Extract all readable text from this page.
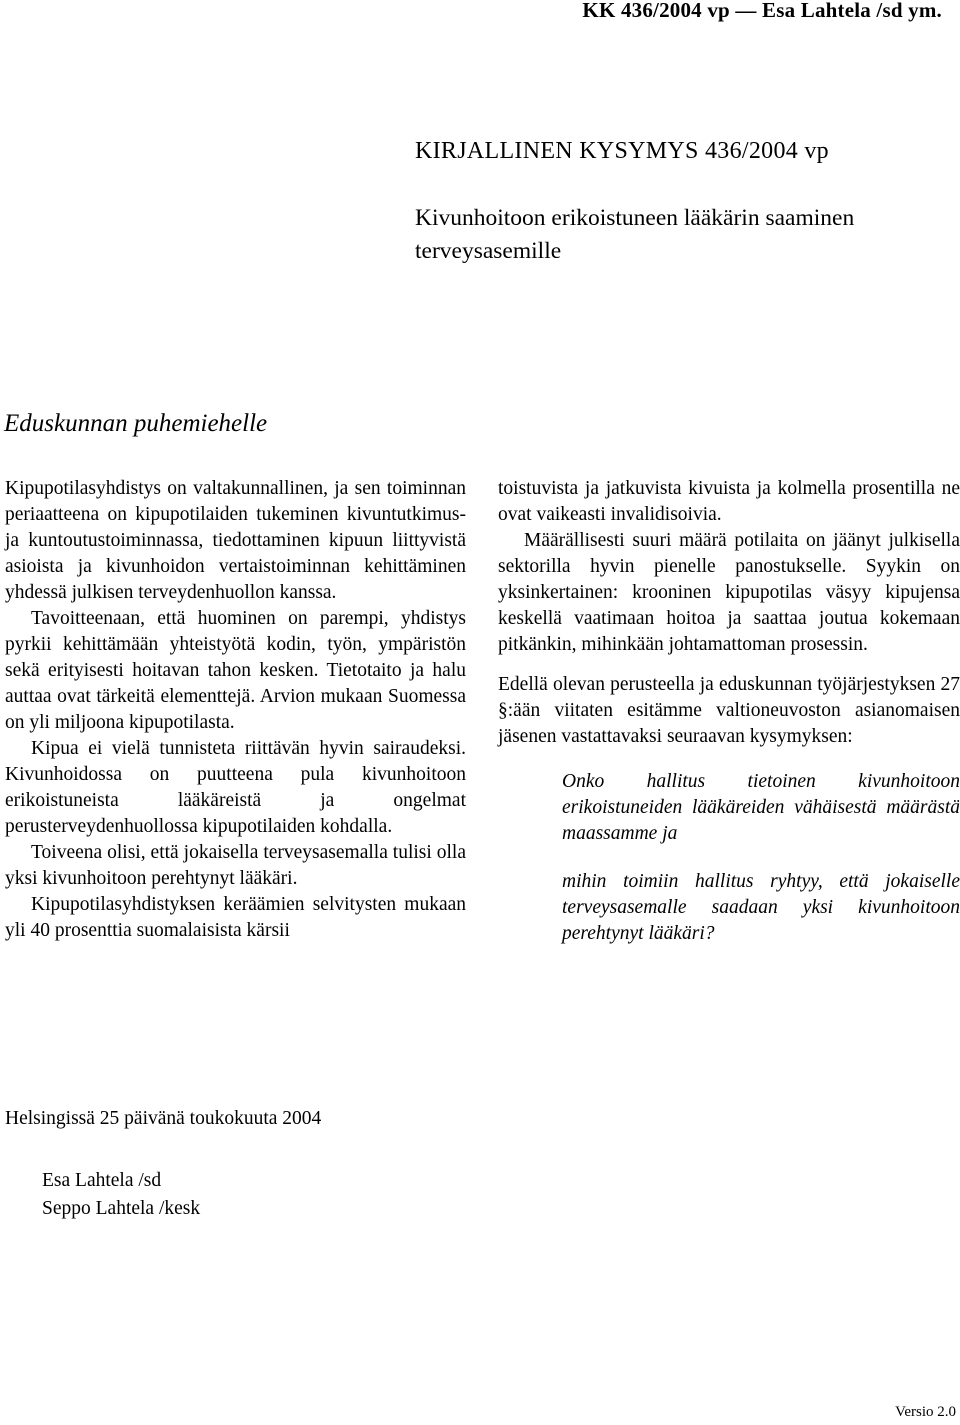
KK 436/2004 vp — Esa Lahtela /sd ym.
KIRJALLINEN KYSYMYS 436/2004 vp
Kivunhoitoon erikoistuneen lääkärin saaminen terveysasemille
Eduskunnan puhemiehelle

Kipupotilasyhdistys on valtakunnallinen, ja sen toiminnan periaatteena on kipupotilaiden tukeminen kivuntutkimus- ja kuntoutustoiminnassa, tiedottaminen kipuun liittyvistä asioista ja kivunhoidon vertaistoiminnan kehittäminen yhdessä julkisen terveydenhuollon kanssa.

Tavoitteenaan, että huominen on parempi, yhdistys pyrkii kehittämään yhteistyötä kodin, työn, ympäristön sekä erityisesti hoitavan tahon kesken. Tietotaito ja halu auttaa ovat tärkeitä elementtejä. Arvion mukaan Suomessa on yli miljoona kipupotilasta.

Kipua ei vielä tunnisteta riittävän hyvin sairaudeksi. Kivunhoidossa on puutteena pula kivunhoitoon erikoistuneista lääkäreistä ja ongelmat perusterveydenhuollossa kipupotilaiden kohdalla.

Toiveena olisi, että jokaisella terveysasemalla tulisi olla yksi kivunhoitoon perehtynyt lääkäri.

Kipupotilasyhdistyksen keräämien selvitysten mukaan yli 40 prosenttia suomalaisista kärsii

toistuvista ja jatkuvista kivuista ja kolmella prosentilla ne ovat vaikeasti invalidisoivia.

Määrällisesti suuri määrä potilaita on jäänyt julkisella sektorilla hyvin pienelle panostukselle. Syykin on yksinkertainen: krooninen kipupotilas väsyy kipujensa keskellä vaatimaan hoitoa ja saattaa joutua kokemaan pitkänkin, mihinkään johtamattoman prosessin.

Edellä olevan perusteella ja eduskunnan työjärjestyksen 27 §:ään viitaten esitämme valtioneuvoston asianomaisen jäsenen vastattavaksi seuraavan kysymyksen:

Onko hallitus tietoinen kivunhoitoon erikoistuneiden lääkäreiden vähäisestä määrästä maassamme ja

mihin toimiin hallitus ryhtyy, että jokaiselle terveysasemalle saadaan yksi kivunhoitoon perehtynyt lääkäri?

Helsingissä 25 päivänä toukokuuta 2004
Esa Lahtela /sd
Seppo Lahtela /kesk
Versio 2.0
